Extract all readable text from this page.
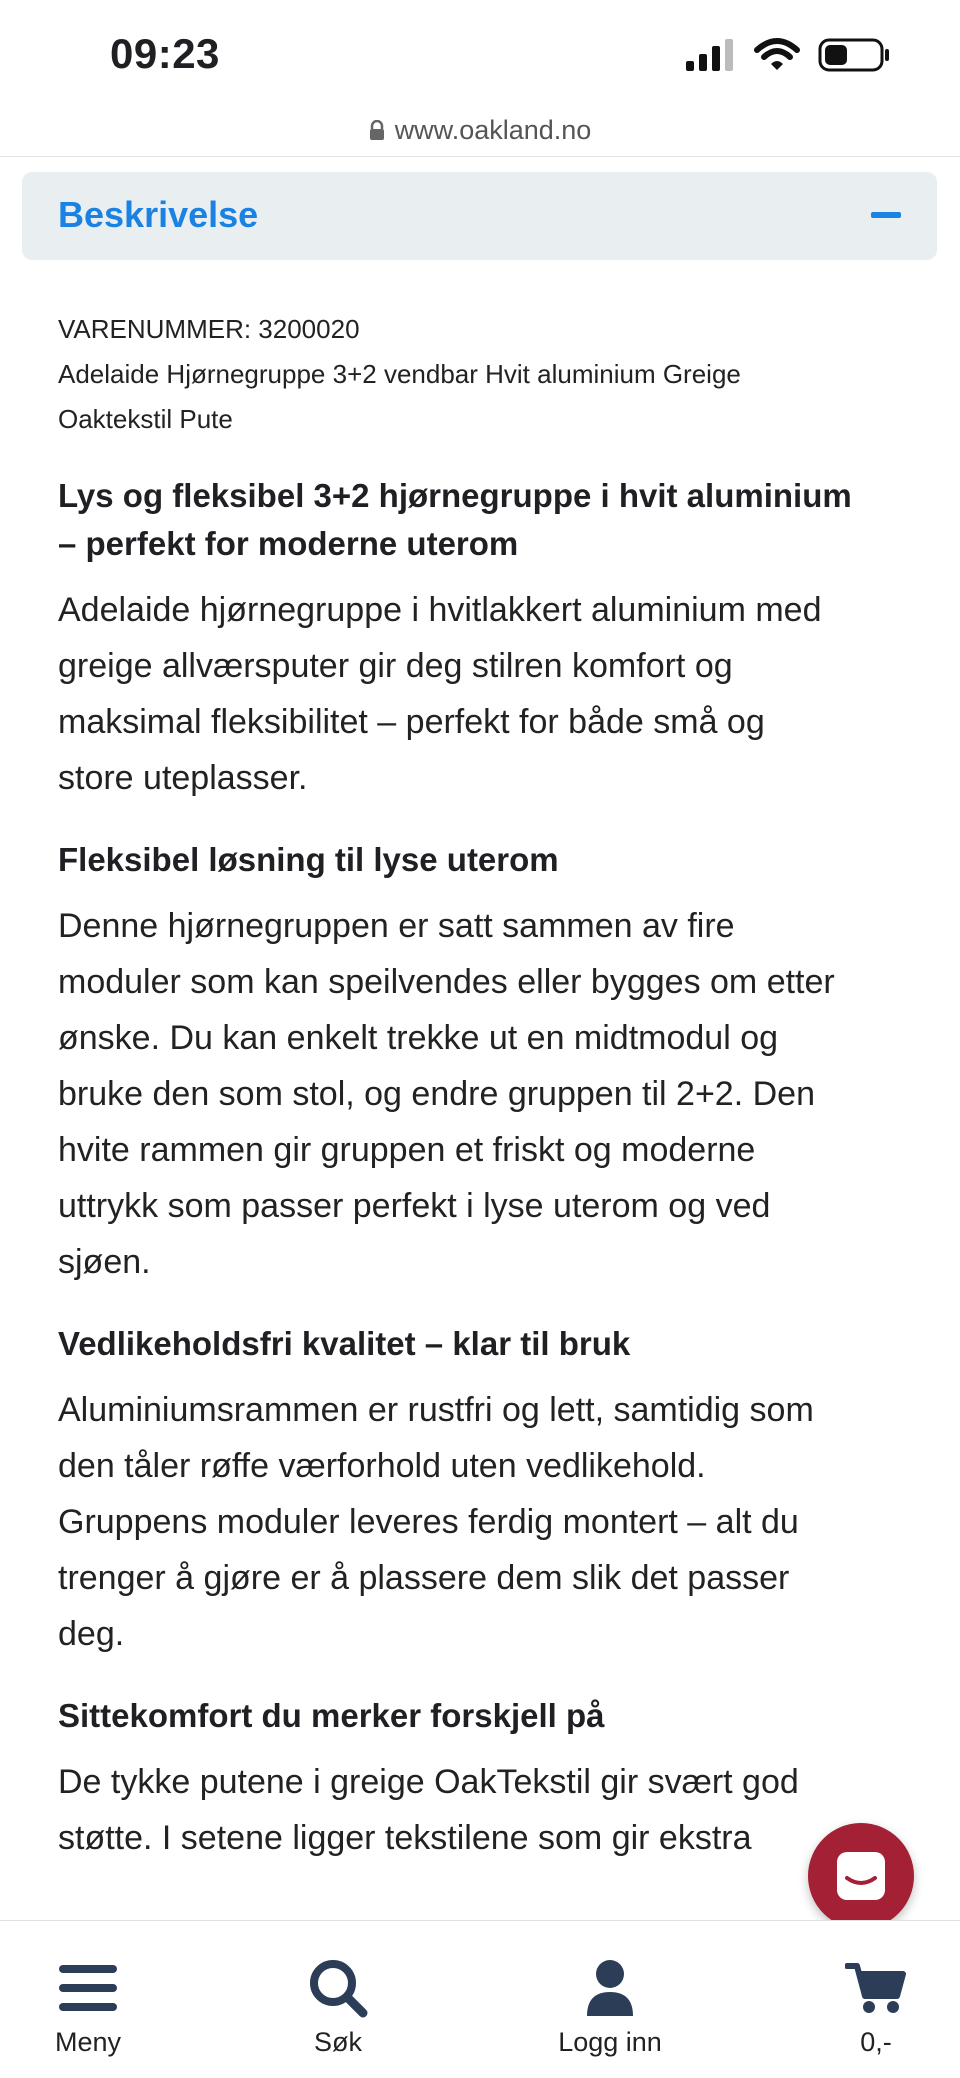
09:23
www.oakland.no
Beskrivelse

VARENUMMER: 3200020

Adelaide Hjørnegruppe 3+2 vendbar Hvit aluminium Greige

Oaktekstil Pute

Lys og fleksibel 3+2 hjørnegruppe i hvit aluminium
– perfekt for moderne uterom

Adelaide hjørnegruppe i hvitlakkert aluminium med

greige allværsputer gir deg stilren komfort og

maksimal fleksibilitet – perfekt for både små og

store uteplasser.

Fleksibel løsning til lyse uterom

Denne hjørnegruppen er satt sammen av fire

moduler som kan speilvendes eller bygges om etter

ønske. Du kan enkelt trekke ut en midtmodul og

bruke den som stol, og endre gruppen til 2+2. Den

hvite rammen gir gruppen et friskt og moderne

uttrykk som passer perfekt i lyse uterom og ved

sjøen.

Vedlikeholdsfri kvalitet – klar til bruk

Aluminiumsrammen er rustfri og lett, samtidig som

den tåler røffe værforhold uten vedlikehold.

Gruppens moduler leveres ferdig montert – alt du

trenger å gjøre er å plassere dem slik det passer

deg.

Sittekomfort du merker forskjell på

De tykke putene i greige OakTekstil gir svært god

støtte. I setene ligger tekstilene som gir ekstra

Meny	Søk	Logg inn	0,-
